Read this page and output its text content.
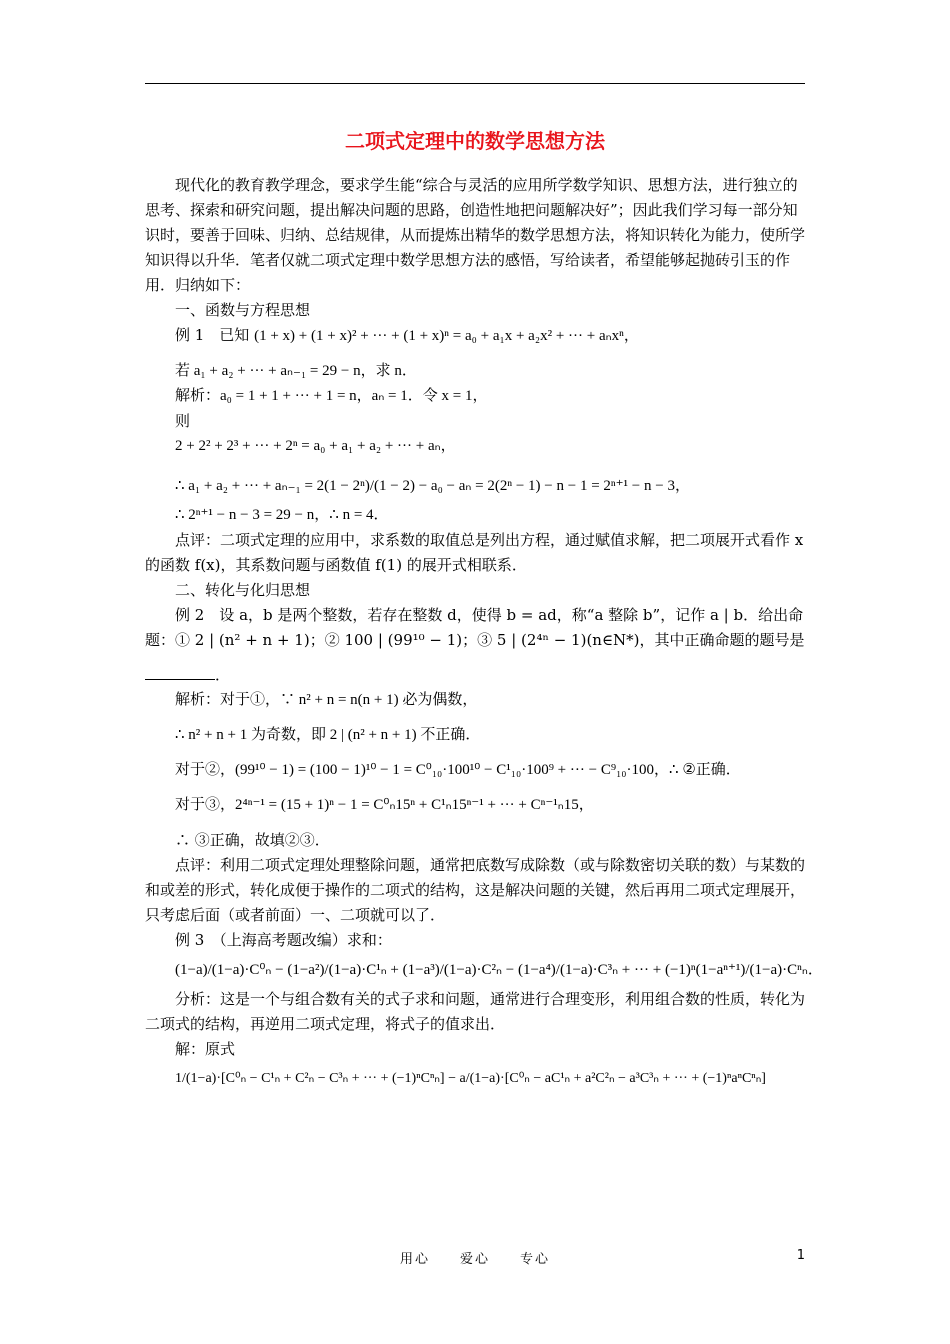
二项式定理中的数学思想方法

现代化的教育教学理念，要求学生能“综合与灵活的应用所学数学知识、思想方法，进行独立的思考、探索和研究问题，提出解决问题的思路，创造性地把问题解决好”；因此我们学习每一部分知识时，要善于回味、归纳、总结规律，从而提炼出精华的数学思想方法，将知识转化为能力，使所学知识得以升华．笔者仅就二项式定理中数学思想方法的感悟，写给读者，希望能够起抛砖引玉的作用．归纳如下：

一、函数与方程思想

例 1　已知 (1 + x) + (1 + x)² + ··· + (1 + x)ⁿ = a₀ + a₁x + a₂x² + ··· + aₙxⁿ，

若 a₁ + a₂ + ··· + aₙ₋₁ = 29 − n，求 n．

解析：a₀ = 1 + 1 + ··· + 1 = n，aₙ = 1．令 x = 1，

则

2 + 2² + 2³ + ··· + 2ⁿ = a₀ + a₁ + a₂ + ··· + aₙ，

∴ a₁ + a₂ + ··· + aₙ₋₁ = 2(1 − 2ⁿ)/(1 − 2) − a₀ − aₙ = 2(2ⁿ − 1) − n − 1 = 2ⁿ⁺¹ − n − 3，

∴ 2ⁿ⁺¹ − n − 3 = 29 − n，∴ n = 4．

点评：二项式定理的应用中，求系数的取值总是列出方程，通过赋值求解，把二项展开式看作 x 的函数 f(x)，其系数问题与函数值 f(1) 的展开式相联系．

二、转化与化归思想

例 2　设 a，b 是两个整数，若存在整数 d，使得 b = ad，称“a 整除 b”，记作 a | b．给出命题：① 2 | (n² + n + 1)；② 100 | (99¹⁰ − 1)；③ 5 | (2⁴ⁿ − 1)(n∈N*)，其中正确命题的题号是

．

解析：对于①，∵ n² + n = n(n + 1) 必为偶数，

∴ n² + n + 1 为奇数，即 2 | (n² + n + 1) 不正确．

对于②，(99¹⁰ − 1) = (100 − 1)¹⁰ − 1 = C⁰₁₀·100¹⁰ − C¹₁₀·100⁹ + ··· − C⁹₁₀·100，∴ ②正确．

对于③，2⁴ⁿ⁻¹ = (15 + 1)ⁿ − 1 = C⁰ₙ15ⁿ + C¹ₙ15ⁿ⁻¹ + ··· + Cⁿ⁻¹ₙ15，

∴ ③正确，故填②③．

点评：利用二项式定理处理整除问题，通常把底数写成除数（或与除数密切关联的数）与某数的和或差的形式，转化成便于操作的二项式的结构，这是解决问题的关键，然后再用二项式定理展开，只考虑后面（或者前面）一、二项就可以了．

例 3　（上海高考题改编）求和：

(1−a)/(1−a)·C⁰ₙ − (1−a²)/(1−a)·C¹ₙ + (1−a³)/(1−a)·C²ₙ − (1−a⁴)/(1−a)·C³ₙ + ··· + (−1)ⁿ(1−aⁿ⁺¹)/(1−a)·Cⁿₙ．

分析：这是一个与组合数有关的式子求和问题，通常进行合理变形，利用组合数的性质，转化为二项式的结构，再逆用二项式定理，将式子的值求出．

解：原式

1/(1−a)·[C⁰ₙ − C¹ₙ + C²ₙ − C³ₙ + ··· + (−1)ⁿCⁿₙ] − a/(1−a)·[C⁰ₙ − aC¹ₙ + a²C²ₙ − a³C³ₙ + ··· + (−1)ⁿaⁿCⁿₙ]

用心　　爱心　　专心	1
